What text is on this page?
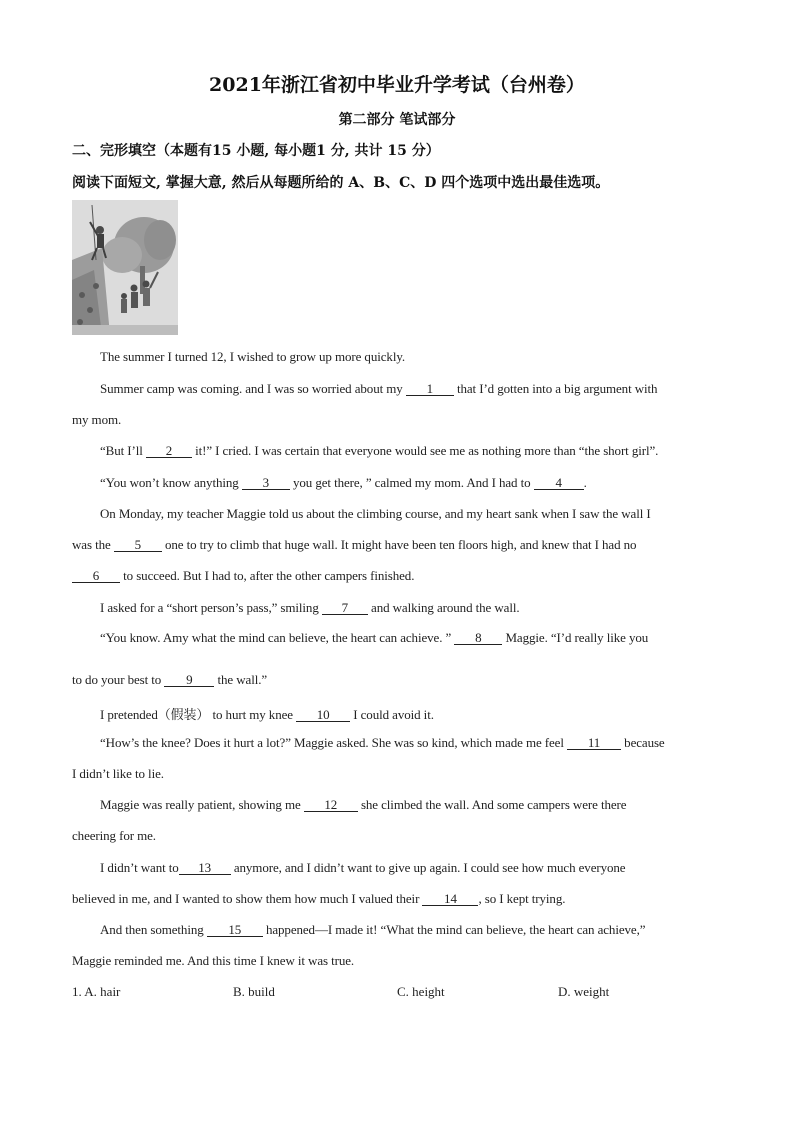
2021年浙江省初中毕业升学考试（台州卷）
第二部分 笔试部分
二、完形填空（本题有15 小题, 每小题1 分, 共计 15 分）
阅读下面短文, 掌握大意, 然后从每题所给的 A、B、C、D 四个选项中选出最佳选项。
The summer I turned 12, I wished to grow up more quickly.
Summer camp was coming. and I was so worried about my 1 that I’d gotten into a big argument with
my mom.
“But I’ll 2 it!” I cried. I was certain that everyone would see me as nothing more than “the short girl”.
“You won’t know anything 3 you get there, ” calmed my mom. And I had to 4 .
On Monday, my teacher Maggie told us about the climbing course, and my heart sank when I saw the wall I
was the 5 one to try to climb that huge wall. It might have been ten floors high, and knew that I had no
6 to succeed. But I had to, after the other campers finished.
I asked for a “short person’s pass,” smiling 7 and walking around the wall.
“You know. Amy what the mind can believe, the heart can achieve. ” 8 Maggie. “I’d really like you
to do your best to 9 the wall.”
I pretended（假装） to hurt my knee 10 I could avoid it.
“How’s the knee? Does it hurt a lot?” Maggie asked. She was so kind, which made me feel 11 because
I didn’t like to lie.
Maggie was really patient, showing me 12 she climbed the wall. And some campers were there
cheering for me.
I didn’t want to 13 anymore, and I didn’t want to give up again. I could see how much everyone
believed in me, and I wanted to show them how much I valued their 14 , so I kept trying.
And then something 15 happened—I made it! “What the mind can believe, the heart can achieve,”
Maggie reminded me. And this time I knew it was true.
1. A. hair	B. build	C. height	D. weight
